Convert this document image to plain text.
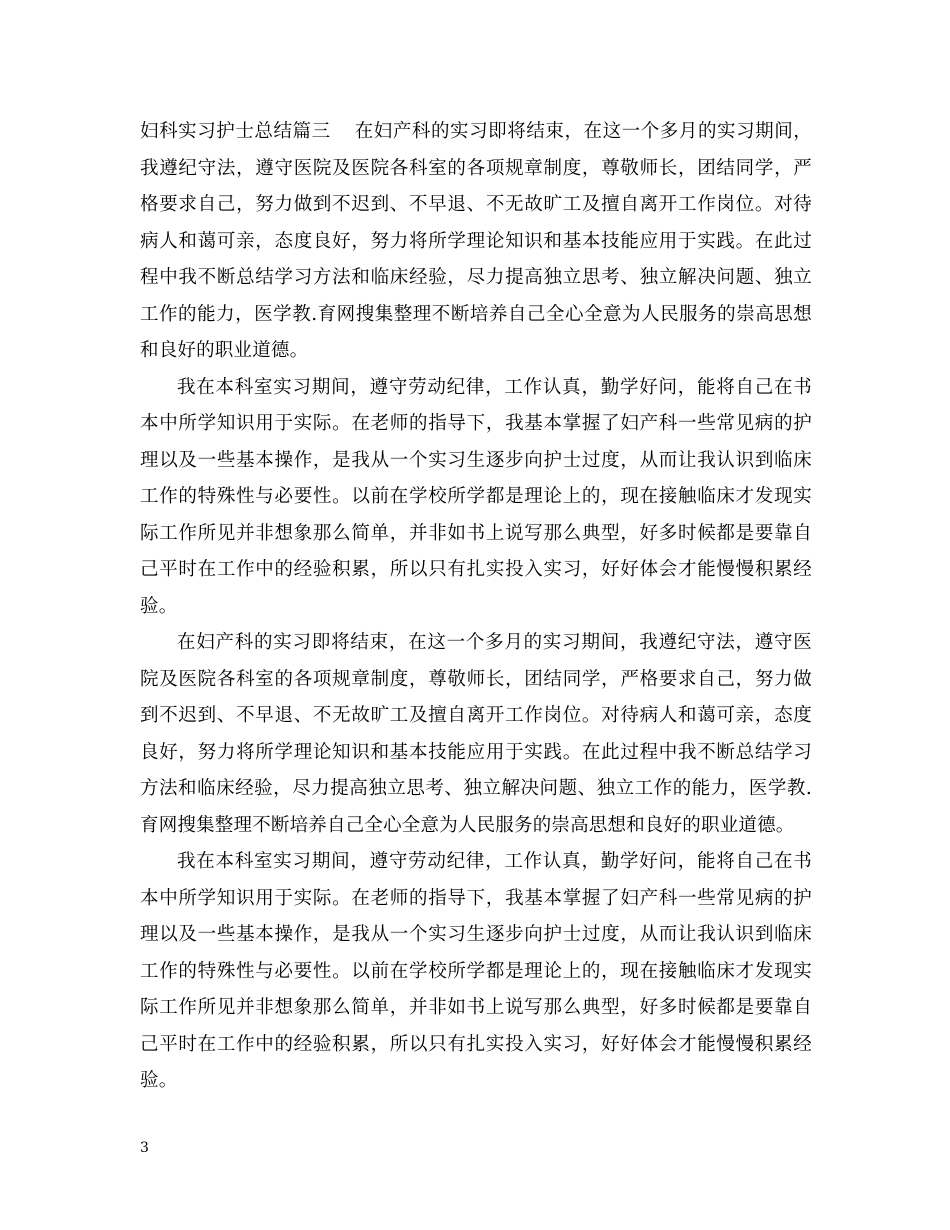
妇科实习护士总结篇三 在妇产科的实习即将结束，在这一个多月的实习期间，我遵纪守法，遵守医院及医院各科室的各项规章制度，尊敬师长，团结同学，严格要求自己，努力做到不迟到、不早退、不无故旷工及擅自离开工作岗位。对待病人和蔼可亲，态度良好，努力将所学理论知识和基本技能应用于实践。在此过程中我不断总结学习方法和临床经验，尽力提高独立思考、独立解决问题、独立工作的能力，医学教.育网搜集整理不断培养自己全心全意为人民服务的崇高思想和良好的职业道德。

我在本科室实习期间，遵守劳动纪律，工作认真，勤学好问，能将自己在书本中所学知识用于实际。在老师的指导下，我基本掌握了妇产科一些常见病的护理以及一些基本操作，是我从一个实习生逐步向护士过度，从而让我认识到临床工作的特殊性与必要性。以前在学校所学都是理论上的，现在接触临床才发现实际工作所见并非想象那么简单，并非如书上说写那么典型，好多时候都是要靠自己平时在工作中的经验积累，所以只有扎实投入实习，好好体会才能慢慢积累经验。

在妇产科的实习即将结束，在这一个多月的实习期间，我遵纪守法，遵守医院及医院各科室的各项规章制度，尊敬师长，团结同学，严格要求自己，努力做到不迟到、不早退、不无故旷工及擅自离开工作岗位。对待病人和蔼可亲，态度良好，努力将所学理论知识和基本技能应用于实践。在此过程中我不断总结学习方法和临床经验，尽力提高独立思考、独立解决问题、独立工作的能力，医学教.育网搜集整理不断培养自己全心全意为人民服务的崇高思想和良好的职业道德。

我在本科室实习期间，遵守劳动纪律，工作认真，勤学好问，能将自己在书本中所学知识用于实际。在老师的指导下，我基本掌握了妇产科一些常见病的护理以及一些基本操作，是我从一个实习生逐步向护士过度，从而让我认识到临床工作的特殊性与必要性。以前在学校所学都是理论上的，现在接触临床才发现实际工作所见并非想象那么简单，并非如书上说写那么典型，好多时候都是要靠自己平时在工作中的经验积累，所以只有扎实投入实习，好好体会才能慢慢积累经验。

3
